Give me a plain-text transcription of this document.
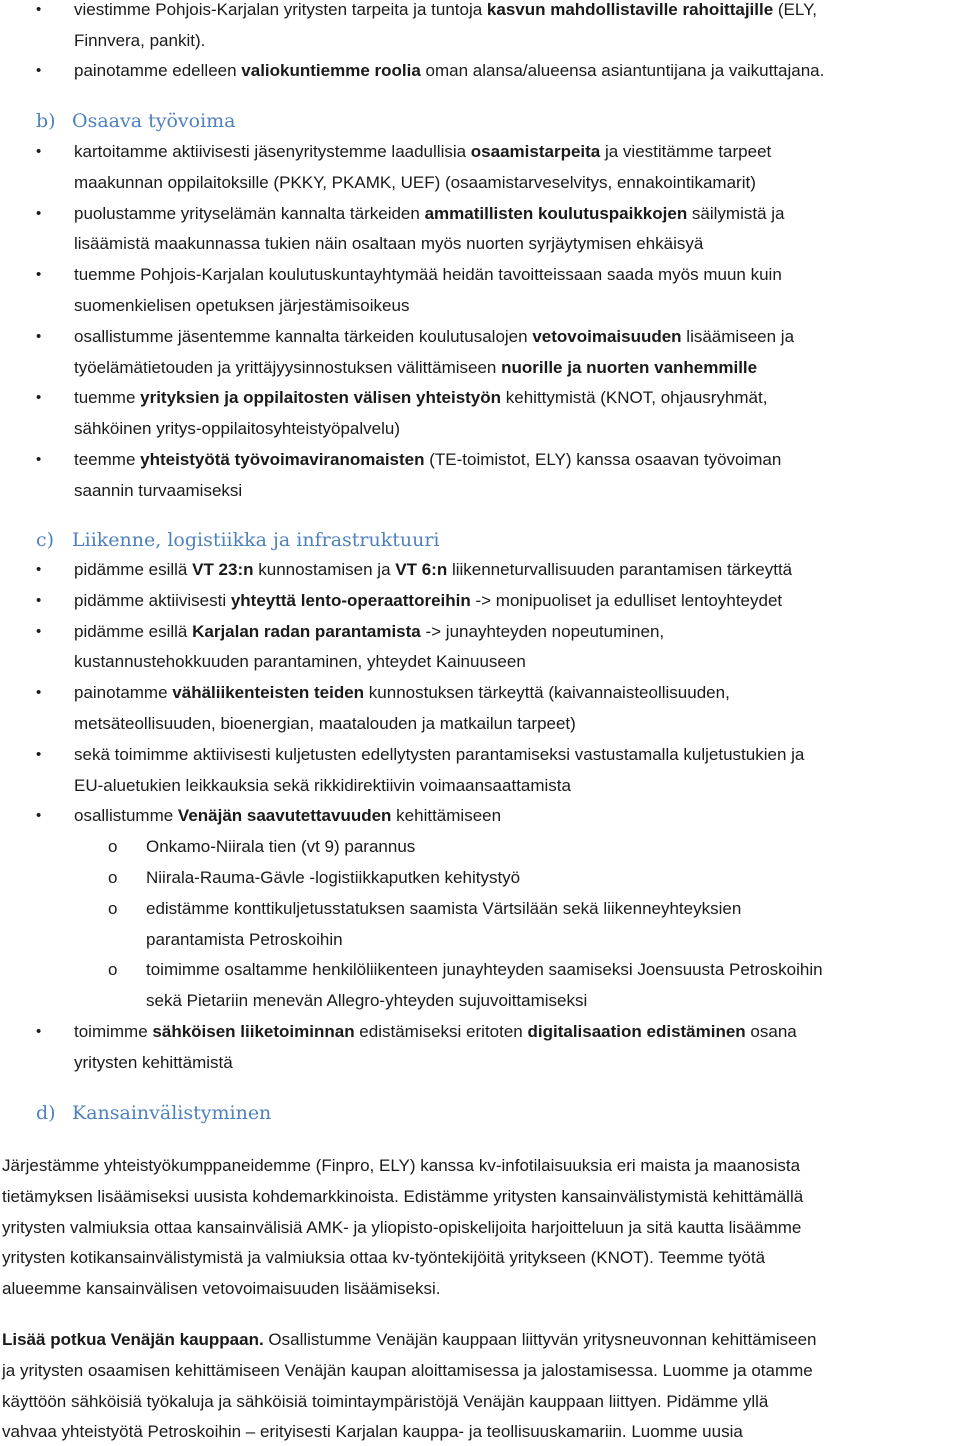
• viestimme Pohjois-Karjalan yritysten tarpeita ja tuntoja kasvun mahdollistaville rahoittajille (ELY,
Finnvera, pankit).
• painotamme edelleen valiokuntiemme roolia oman alansa/alueensa asiantuntijana ja vaikuttajana.
b) Osaava työvoima
• kartoitamme aktiivisesti jäsenyritystemme laadullisia osaamistarpeita ja viestitämme tarpeet
maakunnan oppilaitoksille (PKKY, PKAMK, UEF) (osaamistarveselvitys, ennakointikamarit)
• puolustamme yrityselämän kannalta tärkeiden ammatillisten koulutuspaikkojen säilymistä ja
lisäämistä maakunnassa tukien näin osaltaan myös nuorten syrjäytymisen ehkäisyä
• tuemme Pohjois-Karjalan koulutuskuntayhtymää heidän tavoitteissaan saada myös muun kuin
suomenkielisen opetuksen järjestämisoikeus
• osallistumme jäsentemme kannalta tärkeiden koulutusalojen vetovoimaisuuden lisäämiseen ja
työelämätietouden ja yrittäjyysinnostuksen välittämiseen nuorille ja nuorten vanhemmille
• tuemme yrityksien ja oppilaitosten välisen yhteistyön kehittymistä (KNOT, ohjausryhmät,
sähköinen yritys-oppilaitosyhteistyöpalvelu)
• teemme yhteistyötä työvoimaviranomaisten (TE-toimistot, ELY) kanssa osaavan työvoiman
saannin turvaamiseksi
c) Liikenne, logistiikka ja infrastruktuuri
• pidämme esillä VT 23:n kunnostamisen ja VT 6:n liikenneturvallisuuden parantamisen tärkeyttä
• pidämme aktiivisesti yhteyttä lento-operaattoreihin -> monipuoliset ja edulliset lentoyhteydet
• pidämme esillä Karjalan radan parantamista -> junayhteyden nopeutuminen,
kustannustehokkuuden parantaminen, yhteydet Kainuuseen
• painotamme vähäliikenteisten teiden kunnostuksen tärkeyttä (kaivannaisteollisuuden,
metsäteollisuuden, bioenergian, maatalouden ja matkailun tarpeet)
• sekä toimimme aktiivisesti kuljetusten edellytysten parantamiseksi vastustamalla kuljetustukien ja
EU-aluetukien leikkauksia sekä rikkidirektiivin voimaansaattamista
• osallistumme Venäjän saavutettavuuden kehittämiseen
o Onkamo-Niirala tien (vt 9) parannus
o Niirala-Rauma-Gävle -logistiikkaputken kehitystyö
o edistämme konttikuljetusstatuksen saamista Värtsilään sekä liikenneyhteyksien
parantamista Petroskoihin
o toimimme osaltamme henkilöliikenteen junayhteyden saamiseksi Joensuusta Petroskoihin
sekä Pietariin menevän Allegro-yhteyden sujuvoittamiseksi
• toimimme sähköisen liiketoiminnan edistämiseksi eritoten digitalisaation edistäminen osana
yritysten kehittämistä
d) Kansainvälistyminen
Järjestämme yhteistyökumppaneidemme (Finpro, ELY) kanssa kv-infotilaisuuksia eri maista ja maanosista
tietämyksen lisäämiseksi uusista kohdemarkkinoista. Edistämme yritysten kansainvälistymistä kehittämällä
yritysten valmiuksia ottaa kansainvälisiä AMK- ja yliopisto-opiskelijoita harjoitteluun ja sitä kautta lisäämme
yritysten kotikansainvälistymistä ja valmiuksia ottaa kv-työntekijöitä yritykseen (KNOT). Teemme työtä
alueemme kansainvälisen vetovoimaisuuden lisäämiseksi.
Lisää potkua Venäjän kauppaan. Osallistumme Venäjän kauppaan liittyvän yritysneuvonnan kehittämiseen
ja yritysten osaamisen kehittämiseen Venäjän kaupan aloittamisessa ja jalostamisessa. Luomme ja otamme
käyttöön sähköisiä työkaluja ja sähköisiä toimintaympäristöjä Venäjän kauppaan liittyen. Pidämme yllä
vahvaa yhteistyötä Petroskoihin – erityisesti Karjalan kauppa- ja teollisuuskamariin. Luomme uusia
